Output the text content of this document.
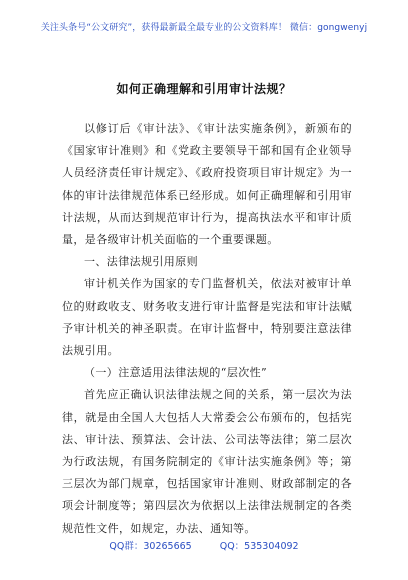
关注头条号“公文研究”，获得最新最全最专业的公文资料库！ 微信：gongwenyj
如何正确理解和引用审计法规？

以修订后《审计法》、《审计法实施条例》，新颁布的《国家审计准则》和《党政主要领导干部和国有企业领导人员经济责任审计规定》、《政府投资项目审计规定》为一体的审计法律规范体系已经形成。如何正确理解和引用审计法规，从而达到规范审计行为，提高执法水平和审计质量，是各级审计机关面临的一个重要课题。

一、法律法规引用原则

审计机关作为国家的专门监督机关，依法对被审计单位的财政收支、财务收支进行审计监督是宪法和审计法赋予审计机关的神圣职责。在审计监督中，特别要注意法律法规引用。

（一）注意适用法律法规的“层次性”

首先应正确认识法律法规之间的关系，第一层次为法律，就是由全国人大包括人大常委会公布颁布的，包括宪法、审计法、预算法、会计法、公司法等法律；第二层次为行政法规，有国务院制定的《审计法实施条例》等；第三层次为部门规章，包括国家审计准则、财政部制定的各项会计制度等；第四层次为依据以上法律法规制定的各类规范性文件，如规定，办法、通知等。

QQ群：30265665	QQ：535304092
